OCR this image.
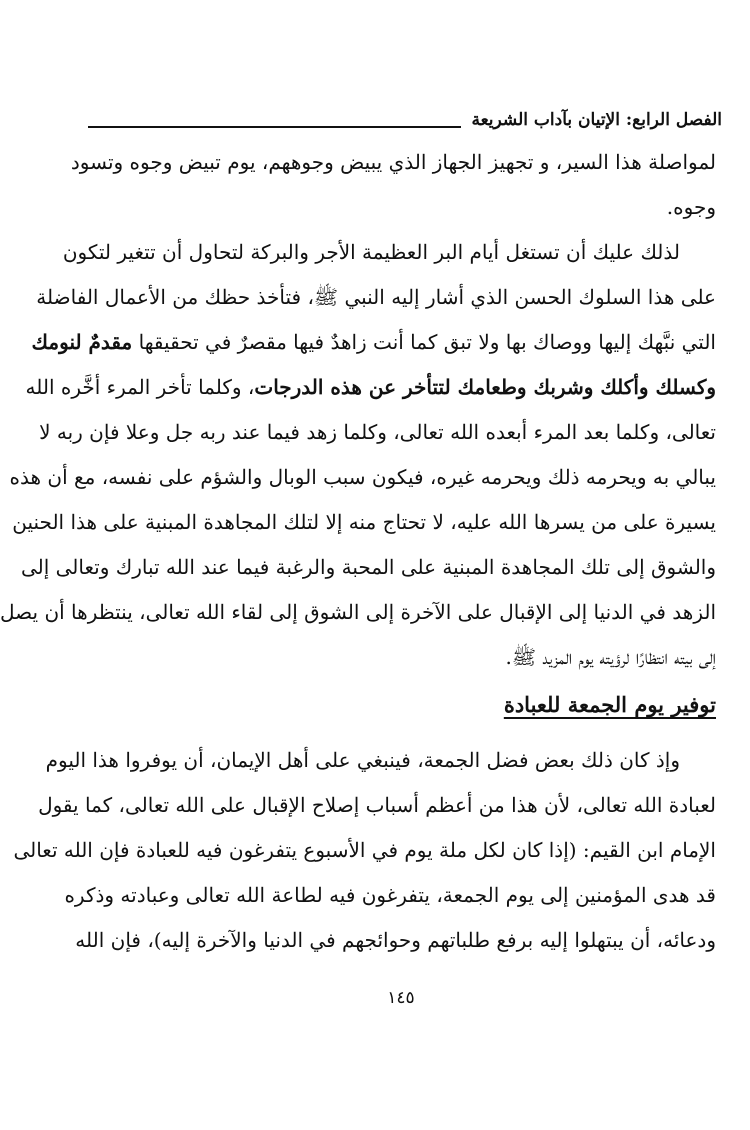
الفصل الرابع: الإتيان بآداب الشريعة
لمواصلة هذا السير، و تجهيز الجهاز الذي يبيض وجوههم، يوم تبيض وجوه وتسود
وجوه.
لذلك عليك أن تستغل أيام البر العظيمة الأجر والبركة لتحاول أن تتغير لتكون
على هذا السلوك الحسن الذي أشار إليه النبي ﷺ، فتأخذ حظك من الأعمال الفاضلة
التي نبَّهك إليها ووصاك بها ولا تبق كما أنت زاهدٌ فيها مقصرٌ في تحقيقها مقدمٌ لنومك
وكسلك وأكلك وشربك وطعامك لتتأخر عن هذه الدرجات، وكلما تأخر المرء أخَّره الله
تعالى، وكلما بعد المرء أبعده الله تعالى، وكلما زهد فيما عند ربه جل وعلا فإن ربه لا
يبالي به ويحرمه ذلك ويحرمه غيره، فيكون سبب الوبال والشؤم على نفسه، مع أن هذه
يسيرة على من يسرها الله عليه، لا تحتاج منه إلا لتلك المجاهدة المبنية على هذا الحنين
والشوق إلى تلك المجاهدة المبنية على المحبة والرغبة فيما عند الله تبارك وتعالى إلى
الزهد في الدنيا إلى الإقبال على الآخرة إلى الشوق إلى لقاء الله تعالى، ينتظرها أن يصل
إلى بيته انتظارًا لرؤيته يوم المزيد ﷺ.
توفير يوم الجمعة للعبادة
وإذ كان ذلك بعض فضل الجمعة، فينبغي على أهل الإيمان، أن يوفروا هذا اليوم
لعبادة الله تعالى، لأن هذا من أعظم أسباب إصلاح الإقبال على الله تعالى، كما يقول
الإمام ابن القيم: (إذا كان لكل ملة يوم في الأسبوع يتفرغون فيه للعبادة فإن الله تعالى
قد هدى المؤمنين إلى يوم الجمعة، يتفرغون فيه لطاعة الله تعالى وعبادته وذكره
ودعائه، أن يبتهلوا إليه برفع طلباتهم وحوائجهم في الدنيا والآخرة إليه)، فإن الله
١٤٥
